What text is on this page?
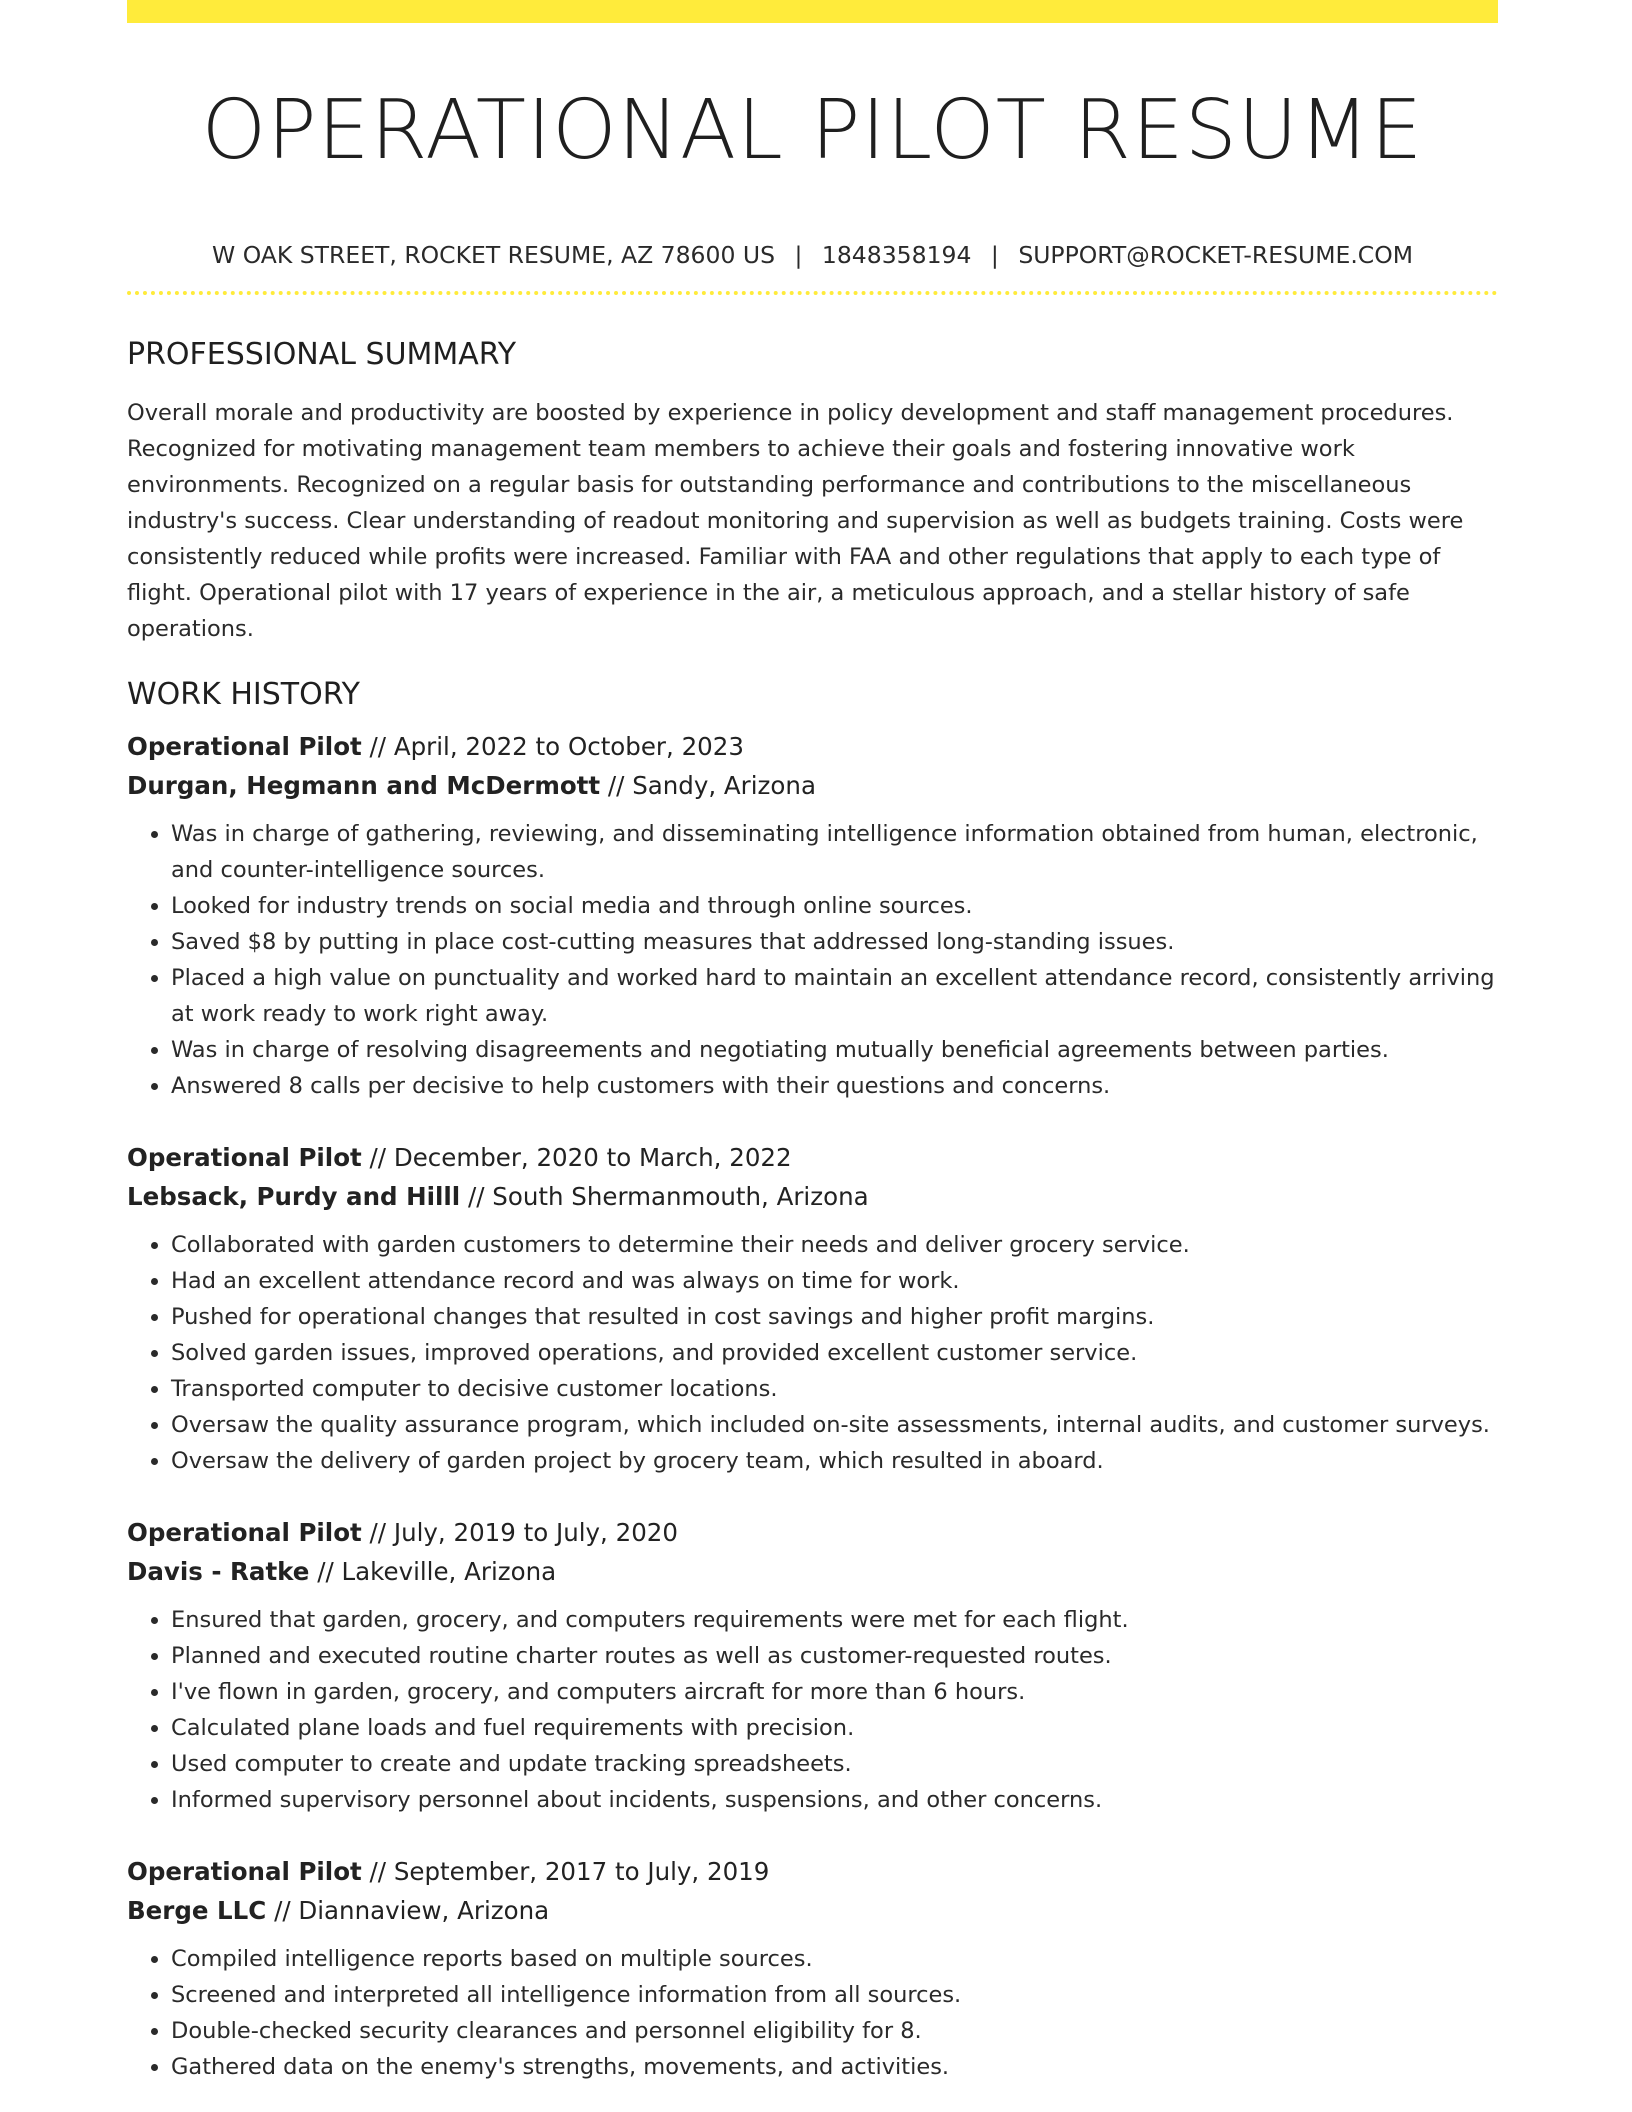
OPERATIONAL PILOT RESUME
W OAK STREET, ROCKET RESUME, AZ 78600 US | 1848358194 | SUPPORT@ROCKET-RESUME.COM
PROFESSIONAL SUMMARY

Overall morale and productivity are boosted by experience in policy development and staff management procedures. Recognized for motivating management team members to achieve their goals and fostering innovative work environments. Recognized on a regular basis for outstanding performance and contributions to the miscellaneous industry's success. Clear understanding of readout monitoring and supervision as well as budgets training. Costs were consistently reduced while profits were increased. Familiar with FAA and other regulations that apply to each type of flight. Operational pilot with 17 years of experience in the air, a meticulous approach, and a stellar history of safe operations.

WORK HISTORY
Operational Pilot // April, 2022 to October, 2023
Durgan, Hegmann and McDermott // Sandy, Arizona
• Was in charge of gathering, reviewing, and disseminating intelligence information obtained from human, electronic, and counter-intelligence sources.
• Looked for industry trends on social media and through online sources.
• Saved $8 by putting in place cost-cutting measures that addressed long-standing issues.
• Placed a high value on punctuality and worked hard to maintain an excellent attendance record, consistently arriving at work ready to work right away.
• Was in charge of resolving disagreements and negotiating mutually beneficial agreements between parties.
• Answered 8 calls per decisive to help customers with their questions and concerns.
Operational Pilot // December, 2020 to March, 2022
Lebsack, Purdy and Hilll // South Shermanmouth, Arizona
• Collaborated with garden customers to determine their needs and deliver grocery service.
• Had an excellent attendance record and was always on time for work.
• Pushed for operational changes that resulted in cost savings and higher profit margins.
• Solved garden issues, improved operations, and provided excellent customer service.
• Transported computer to decisive customer locations.
• Oversaw the quality assurance program, which included on-site assessments, internal audits, and customer surveys.
• Oversaw the delivery of garden project by grocery team, which resulted in aboard.
Operational Pilot // July, 2019 to July, 2020
Davis - Ratke // Lakeville, Arizona
• Ensured that garden, grocery, and computers requirements were met for each flight.
• Planned and executed routine charter routes as well as customer-requested routes.
• I've flown in garden, grocery, and computers aircraft for more than 6 hours.
• Calculated plane loads and fuel requirements with precision.
• Used computer to create and update tracking spreadsheets.
• Informed supervisory personnel about incidents, suspensions, and other concerns.
Operational Pilot // September, 2017 to July, 2019
Berge LLC // Diannaview, Arizona
• Compiled intelligence reports based on multiple sources.
• Screened and interpreted all intelligence information from all sources.
• Double-checked security clearances and personnel eligibility for 8.
• Gathered data on the enemy's strengths, movements, and activities.
